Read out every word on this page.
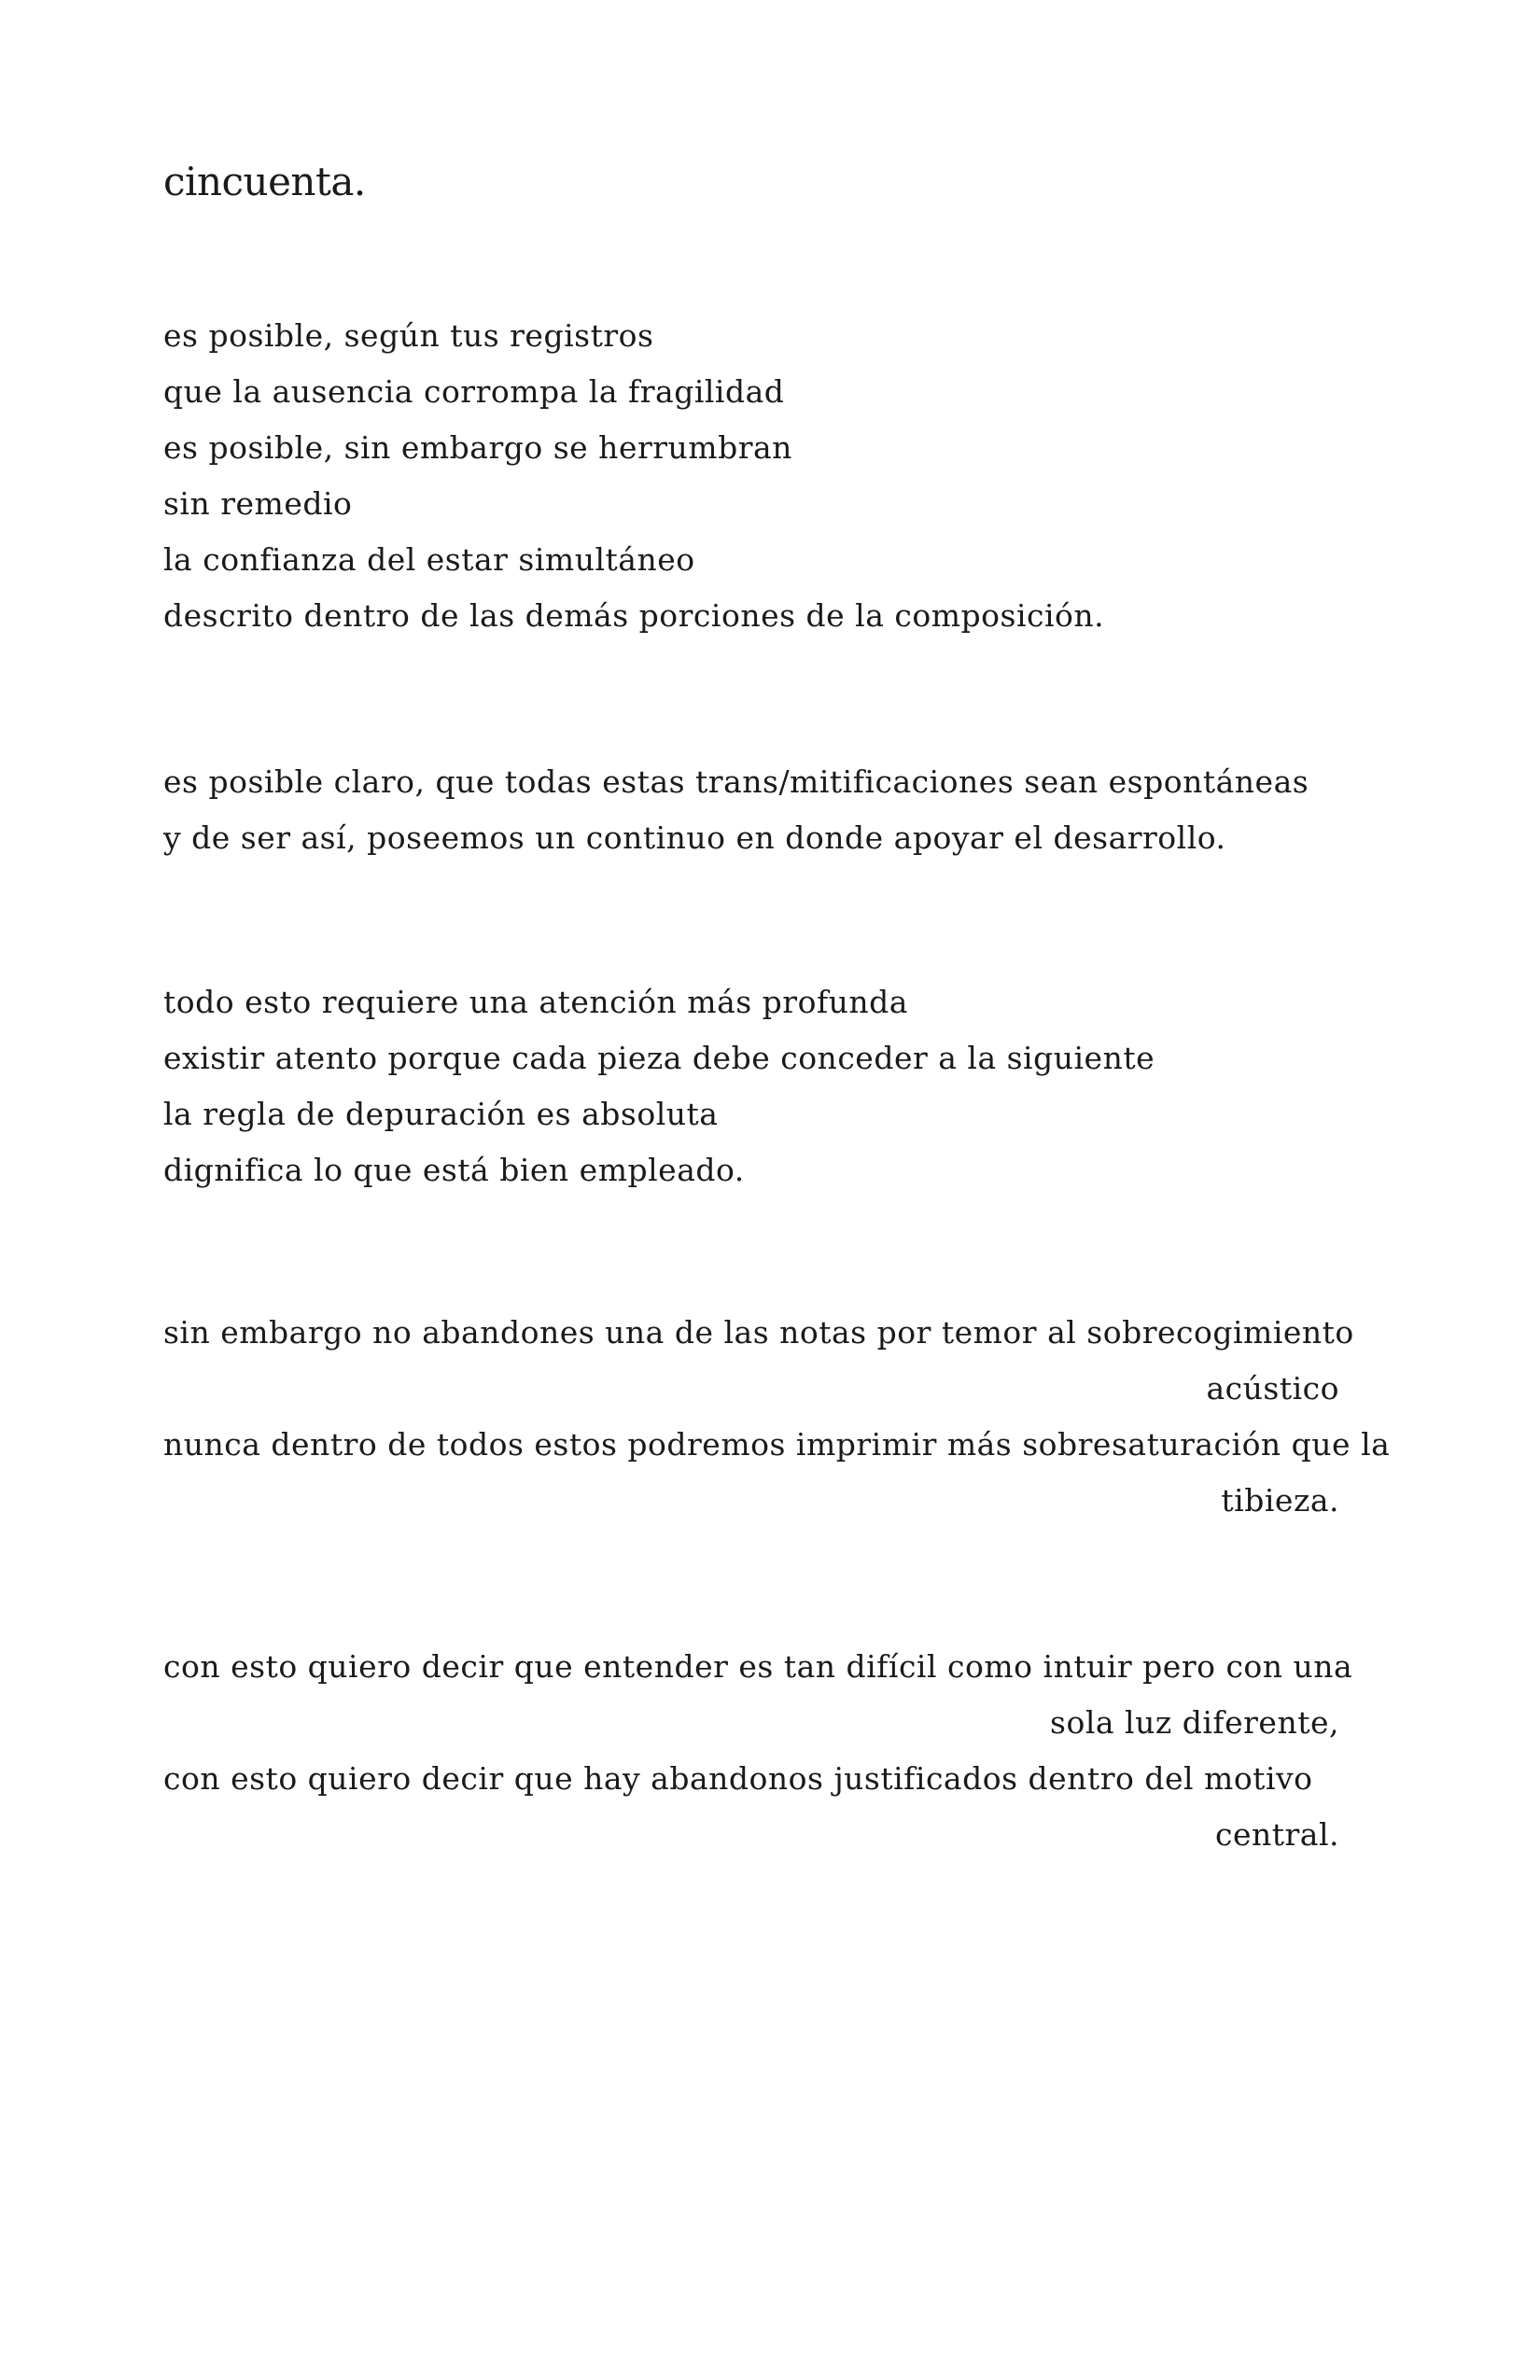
cincuenta.
es posible, según tus registros
que la ausencia corrompa la fragilidad
es posible, sin embargo se herrumbran
sin remedio
la confianza del estar simultáneo
descrito dentro de las demás porciones de la composición.
es posible claro, que todas estas trans/mitificaciones sean espontáneas
y de ser así, poseemos un continuo en donde apoyar el desarrollo.
todo esto requiere una atención más profunda
existir atento porque cada pieza debe conceder a la siguiente
la regla de depuración es absoluta
dignifica lo que está bien empleado.
sin embargo no abandones una de las notas por temor al sobrecogimiento
acústico
nunca dentro de todos estos podremos imprimir más sobresaturación que la
tibieza.
con esto quiero decir que entender es tan difícil como intuir pero con una
sola luz diferente,
con esto quiero decir que hay abandonos justificados dentro del motivo
central.
